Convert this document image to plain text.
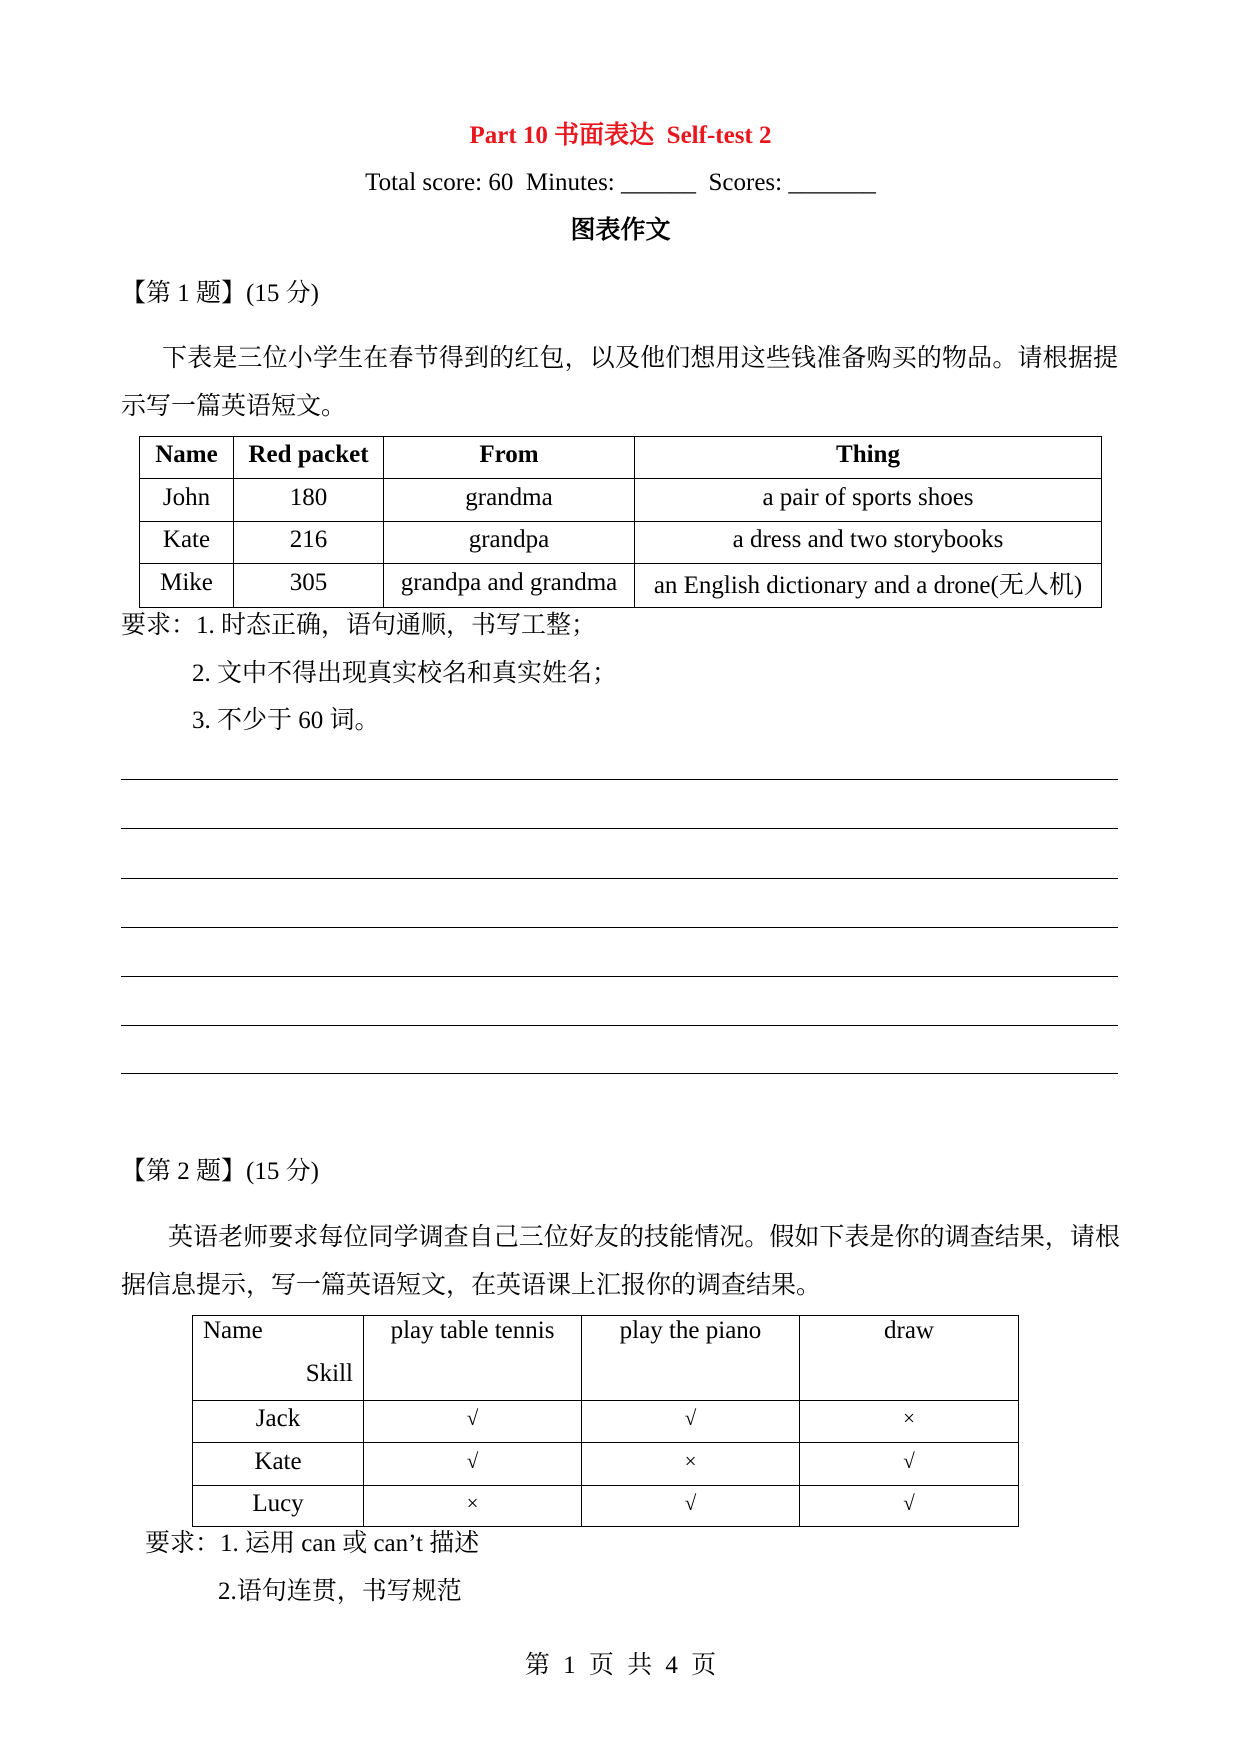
Part 10 书面表达  Self-test 2
Total score: 60  Minutes: ______  Scores: _______
图表作文
【第 1 题】(15 分)
下表是三位小学生在春节得到的红包，以及他们想用这些钱准备购买的物品。请根据提
示写一篇英语短文。
Name	Red packet	From	Thing
John	180	grandma	a pair of sports shoes
Kate	216	grandpa	a dress and two storybooks
Mike	305	grandpa and grandma	an English dictionary and a drone(无人机)
要求：1. 时态正确，语句通顺，书写工整；
2. 文中不得出现真实校名和真实姓名；
3. 不少于 60 词。
【第 2 题】(15 分)
英语老师要求每位同学调查自己三位好友的技能情况。假如下表是你的调查结果，请根
据信息提示，写一篇英语短文，在英语课上汇报你的调查结果。
Name
Skill	play table tennis	play the piano	draw
Jack	√	√	×
Kate	√	×	√
Lucy	×	√	√
要求：1. 运用 can 或 can’t 描述
2.语句连贯，书写规范
第 1 页 共 4 页
